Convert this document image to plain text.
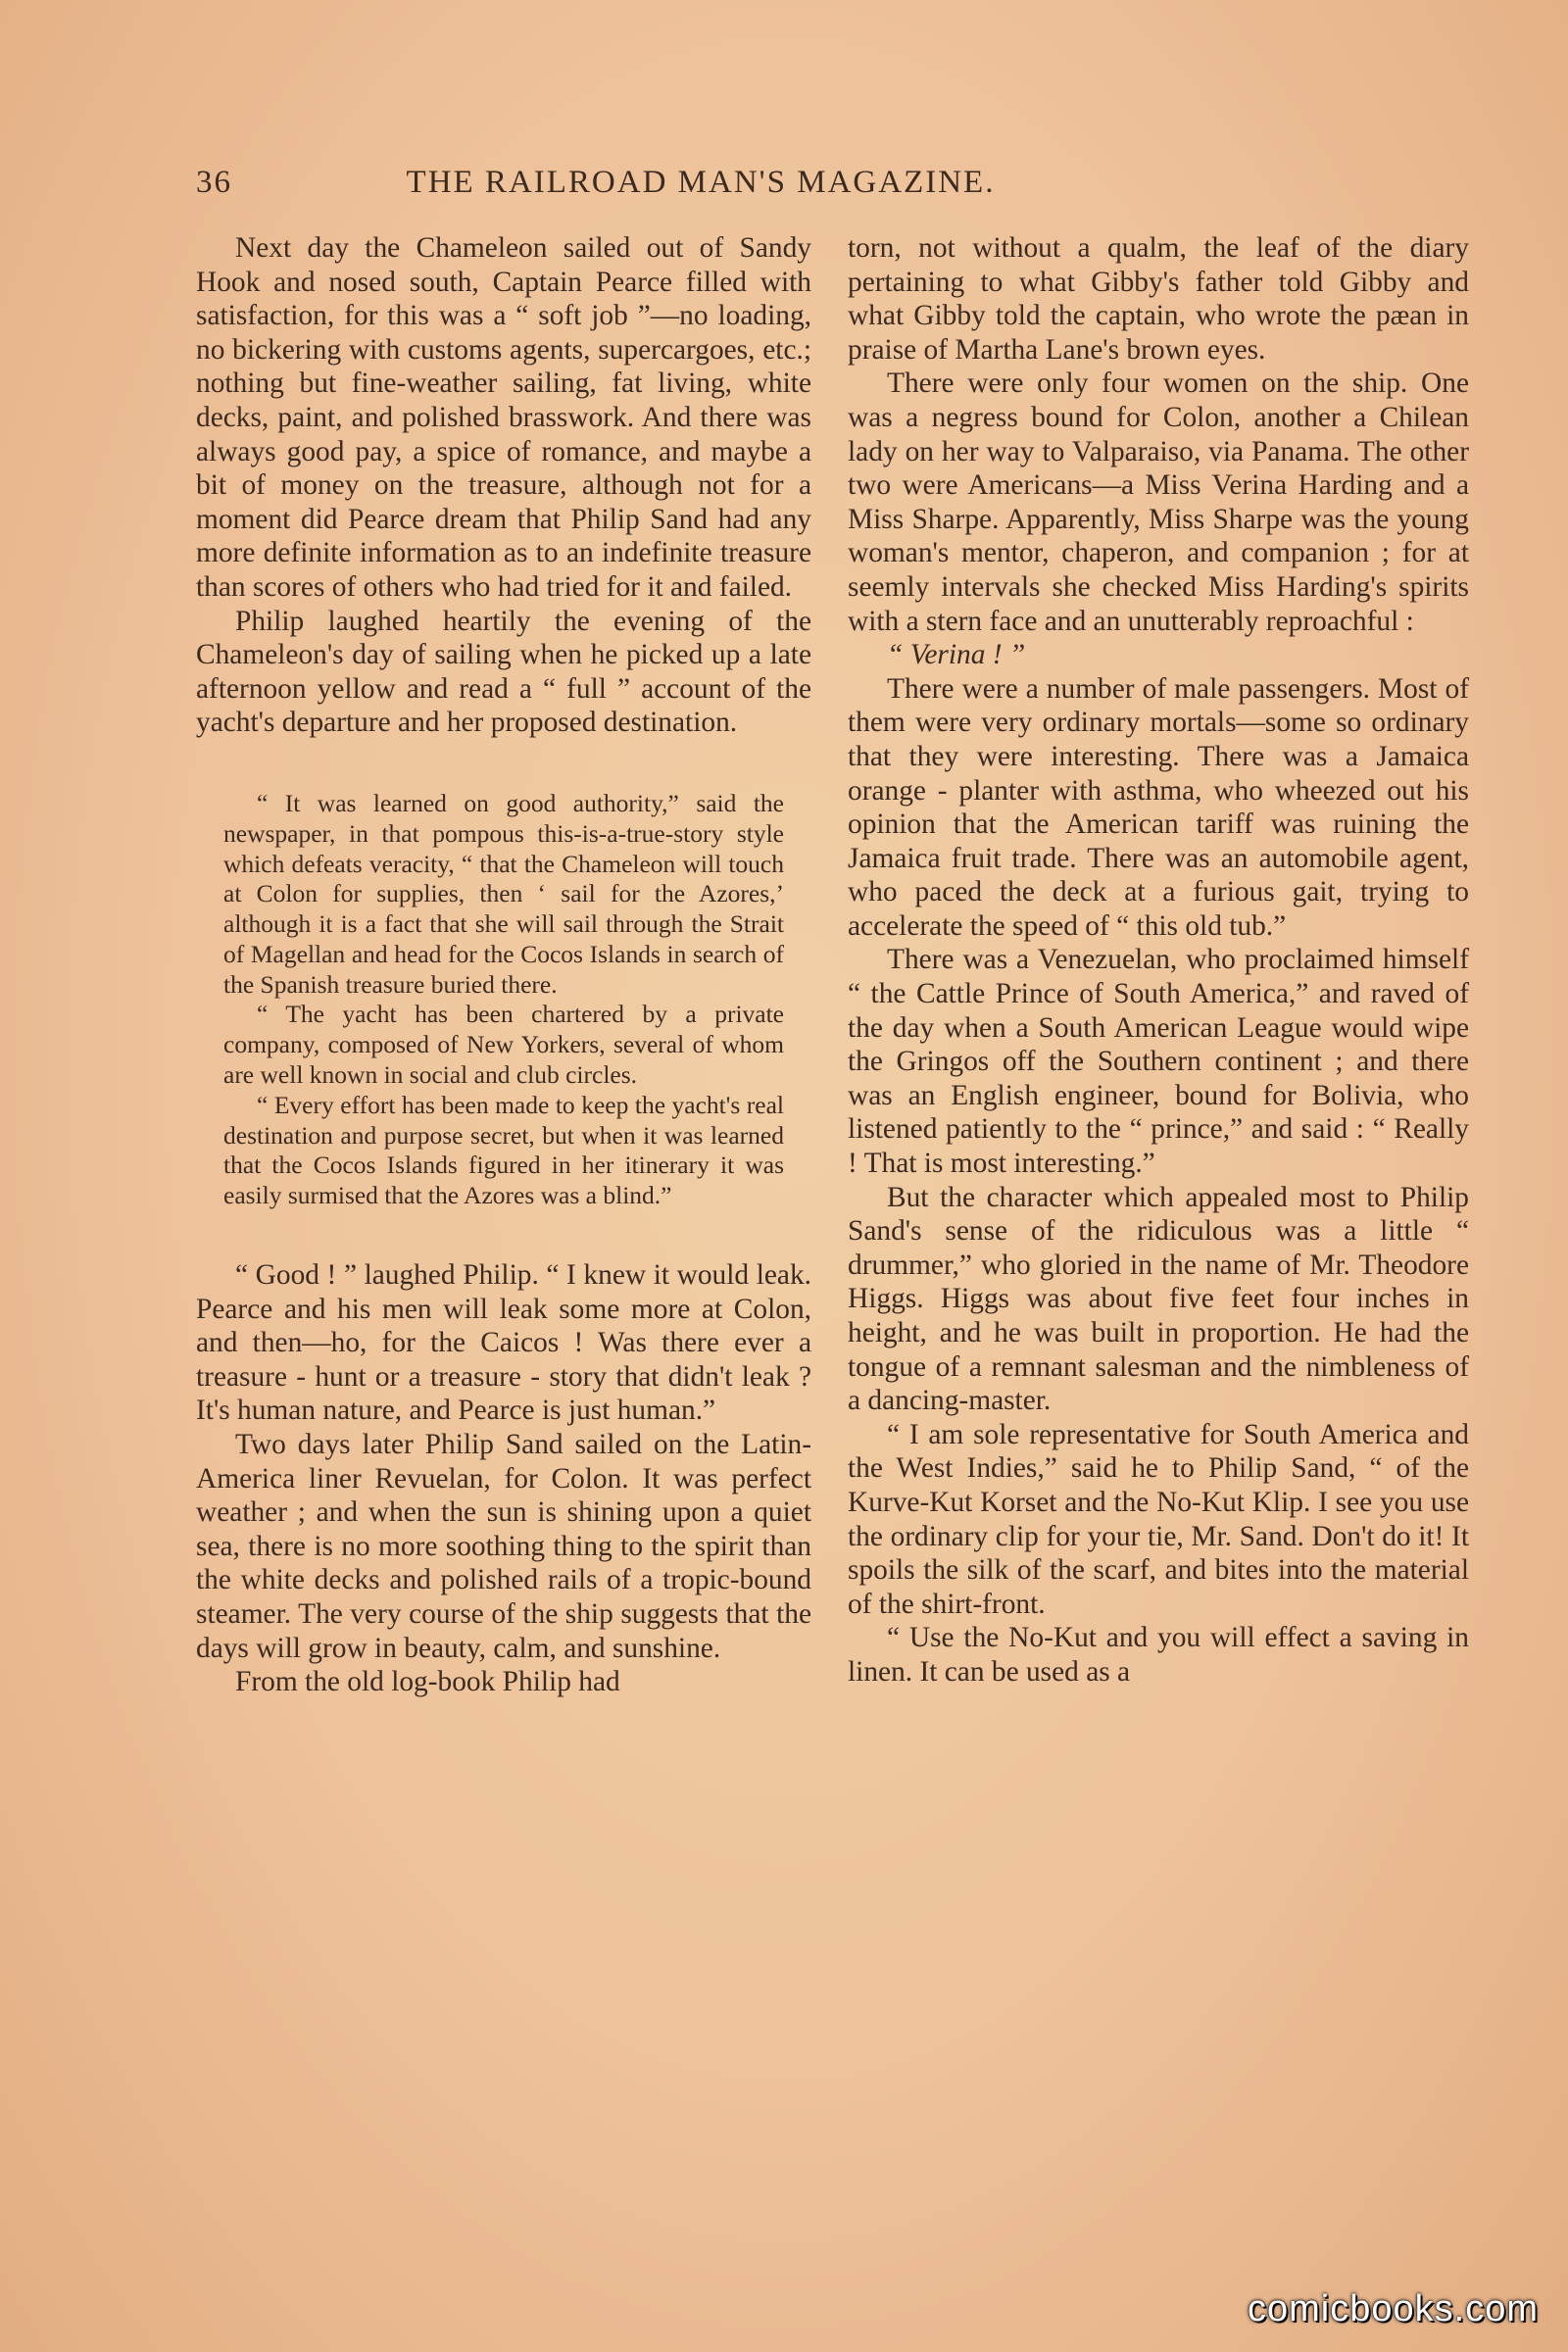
36	THE RAILROAD MAN'S MAGAZINE.

Next day the Chameleon sailed out of Sandy Hook and nosed south, Captain Pearce filled with satisfaction, for this was a “ soft job ”—no loading, no bickering with customs agents, supercargoes, etc.; nothing but fine-weather sailing, fat living, white decks, paint, and polished brasswork. And there was always good pay, a spice of romance, and maybe a bit of money on the treasure, although not for a moment did Pearce dream that Philip Sand had any more definite information as to an indefinite treasure than scores of others who had tried for it and failed.

Philip laughed heartily the evening of the Chameleon's day of sailing when he picked up a late afternoon yellow and read a “ full ” account of the yacht's departure and her proposed destination.

“ It was learned on good authority,” said the newspaper, in that pompous this-is-a-true-story style which defeats veracity, “ that the Chameleon will touch at Colon for supplies, then ‘ sail for the Azores,’ although it is a fact that she will sail through the Strait of Magellan and head for the Cocos Islands in search of the Spanish treasure buried there.

“ The yacht has been chartered by a private company, composed of New Yorkers, several of whom are well known in social and club circles.

“ Every effort has been made to keep the yacht's real destination and purpose secret, but when it was learned that the Cocos Islands figured in her itinerary it was easily surmised that the Azores was a blind.”

“ Good ! ” laughed Philip. “ I knew it would leak. Pearce and his men will leak some more at Colon, and then—ho, for the Caicos ! Was there ever a treasure - hunt or a treasure - story that didn't leak ? It's human nature, and Pearce is just human.”

Two days later Philip Sand sailed on the Latin-America liner Revuelan, for Colon. It was perfect weather ; and when the sun is shining upon a quiet sea, there is no more soothing thing to the spirit than the white decks and polished rails of a tropic-bound steamer. The very course of the ship suggests that the days will grow in beauty, calm, and sunshine.

From the old log-book Philip had

torn, not without a qualm, the leaf of the diary pertaining to what Gibby's father told Gibby and what Gibby told the captain, who wrote the pæan in praise of Martha Lane's brown eyes.

There were only four women on the ship. One was a negress bound for Colon, another a Chilean lady on her way to Valparaiso, via Panama. The other two were Americans—a Miss Verina Harding and a Miss Sharpe. Apparently, Miss Sharpe was the young woman's mentor, chaperon, and companion ; for at seemly intervals she checked Miss Harding's spirits with a stern face and an unutterably reproachful :

“ Verina ! ”

There were a number of male passengers. Most of them were very ordinary mortals—some so ordinary that they were interesting. There was a Jamaica orange - planter with asthma, who wheezed out his opinion that the American tariff was ruining the Jamaica fruit trade. There was an automobile agent, who paced the deck at a furious gait, trying to accelerate the speed of “ this old tub.”

There was a Venezuelan, who proclaimed himself “ the Cattle Prince of South America,” and raved of the day when a South American League would wipe the Gringos off the Southern continent ; and there was an English engineer, bound for Bolivia, who listened patiently to the “ prince,” and said : “ Really ! That is most interesting.”

But the character which appealed most to Philip Sand's sense of the ridiculous was a little “ drummer,” who gloried in the name of Mr. Theodore Higgs. Higgs was about five feet four inches in height, and he was built in proportion. He had the tongue of a remnant salesman and the nimbleness of a dancing-master.

“ I am sole representative for South America and the West Indies,” said he to Philip Sand, “ of the Kurve-Kut Korset and the No-Kut Klip. I see you use the ordinary clip for your tie, Mr. Sand. Don't do it! It spoils the silk of the scarf, and bites into the material of the shirt-front.

“ Use the No-Kut and you will effect a saving in linen. It can be used as a

comicbooks.com
